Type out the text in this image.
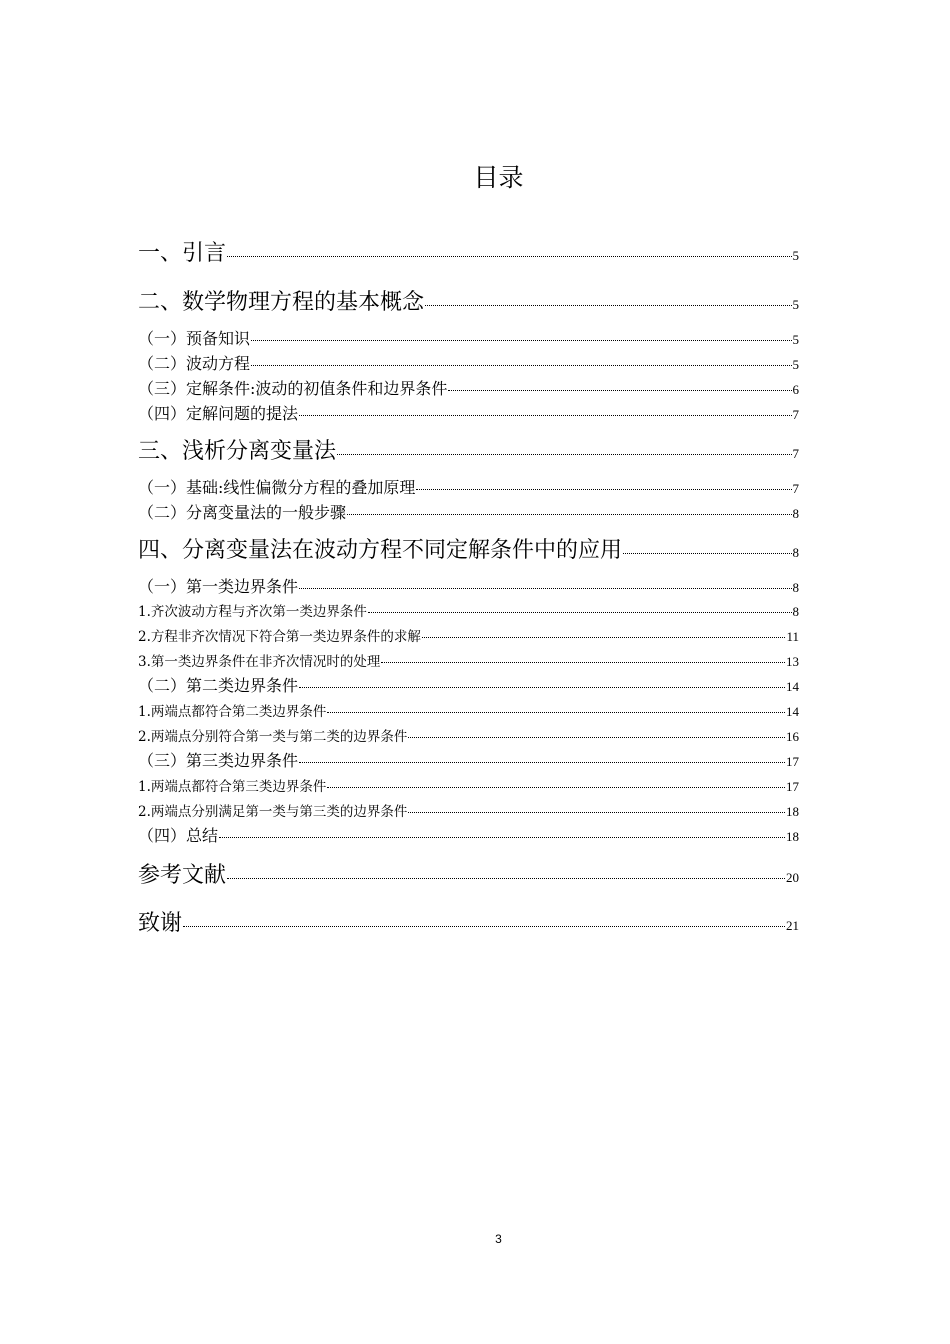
目录
一、引言	5
二、数学物理方程的基本概念	5
（一）预备知识	5
（二）波动方程	5
（三）定解条件:波动的初值条件和边界条件	6
（四）定解问题的提法	7
三、浅析分离变量法	7
（一）基础:线性偏微分方程的叠加原理	7
（二）分离变量法的一般步骤	8
四、分离变量法在波动方程不同定解条件中的应用	8
（一）第一类边界条件	8
1.齐次波动方程与齐次第一类边界条件	8
2.方程非齐次情况下符合第一类边界条件的求解	11
3.第一类边界条件在非齐次情况时的处理	13
（二）第二类边界条件	14
1.两端点都符合第二类边界条件	14
2.两端点分别符合第一类与第二类的边界条件	16
（三）第三类边界条件	17
1.两端点都符合第三类边界条件	17
2.两端点分别满足第一类与第三类的边界条件	18
（四）总结	18
参考文献	20
致谢	21
3
